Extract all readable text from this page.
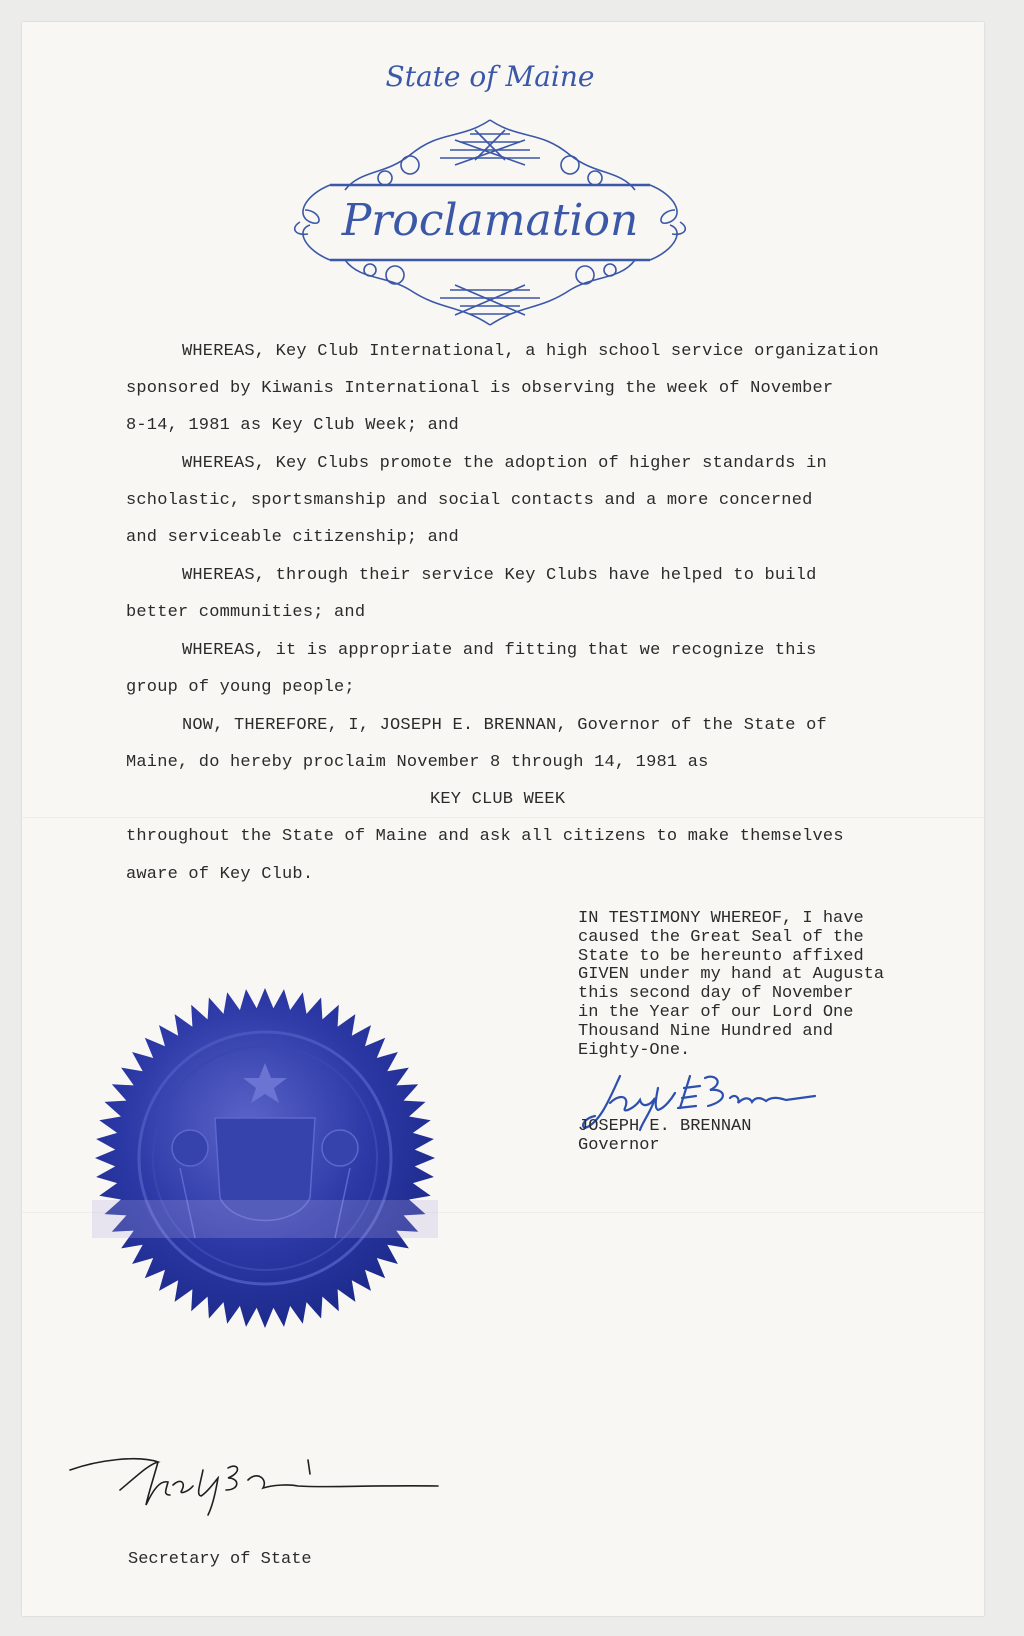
State of Maine
Proclamation
WHEREAS, Key Club International, a high school service organization
sponsored by Kiwanis International is observing the week of November
8-14, 1981 as Key Club Week; and
WHEREAS, Key Clubs promote the adoption of higher standards in
scholastic, sportsmanship and social contacts and a more concerned
and serviceable citizenship; and
WHEREAS, through their service Key Clubs have helped to build
better communities; and
WHEREAS, it is appropriate and fitting that we recognize this
group of young people;
NOW, THEREFORE, I, JOSEPH E. BRENNAN, Governor of the State of
Maine, do hereby proclaim November 8 through 14, 1981 as
KEY CLUB WEEK
throughout the State of Maine and ask all citizens to make themselves
aware of Key Club.
IN TESTIMONY WHEREOF, I have
caused the Great Seal of the
State to be hereunto affixed
GIVEN under my hand at Augusta
this second day of November
in the Year of our Lord One
Thousand Nine Hundred and
Eighty-One.
JOSEPH E. BRENNAN
Governor
Secretary of State
